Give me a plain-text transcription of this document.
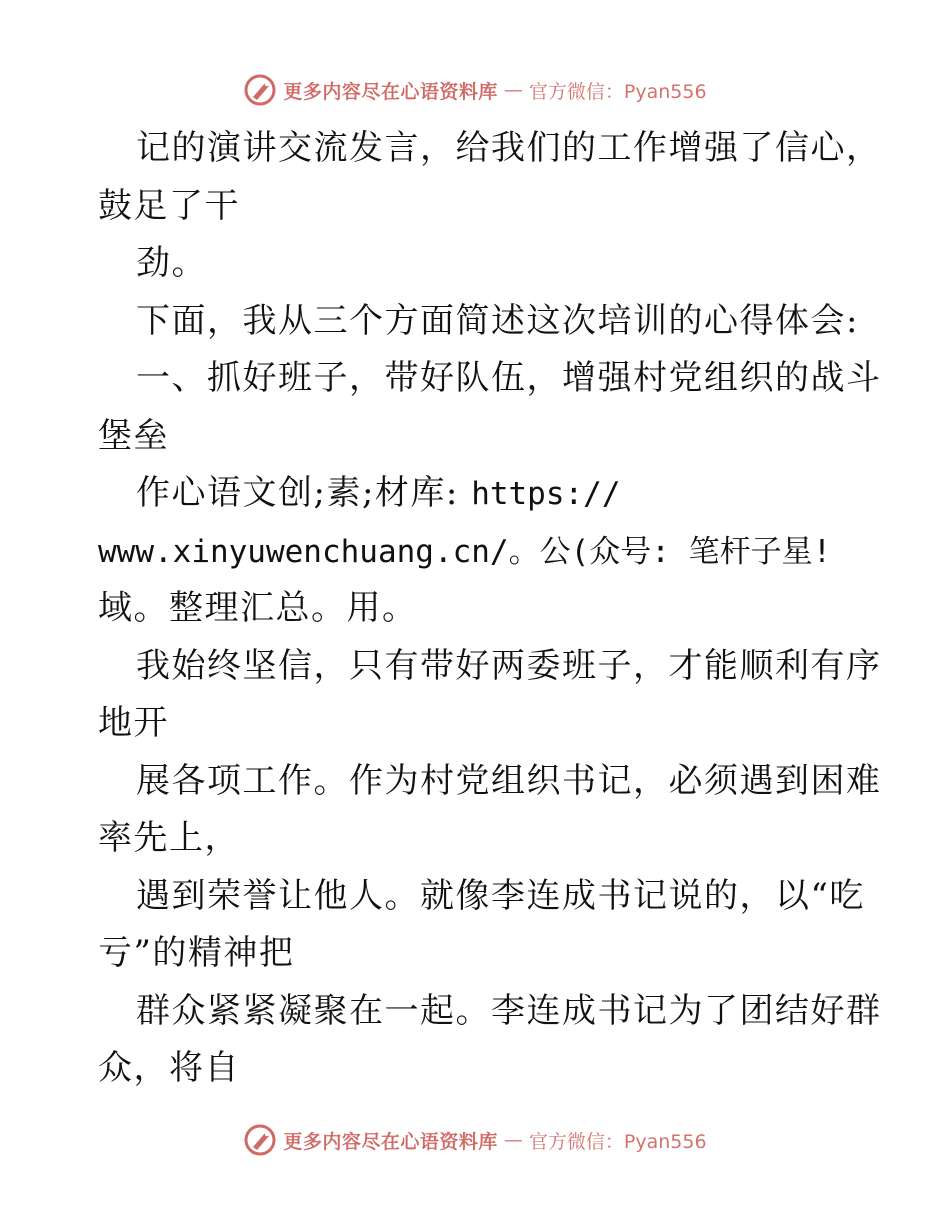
更多内容尽在心语资料库 — 官方微信：Pyan556
记的演讲交流发言，给我们的工作增强了信心，
鼓足了干
劲。
下面，我从三个方面简述这次培训的心得体会:
一、抓好班子，带好队伍，增强村党组织的战斗
堡垒
作心语文创;素;材库: https://
www.xinyuwenchuang.cn/。公(众号: 笔杆子星!
域。整理汇总。用。
我始终坚信，只有带好两委班子，才能顺利有序
地开
展各项工作。作为村党组织书记，必须遇到困难
率先上，
遇到荣誉让他人。就像李连成书记说的，以“吃
亏”的精神把
群众紧紧凝聚在一起。李连成书记为了团结好群
众，将自
更多内容尽在心语资料库 — 官方微信：Pyan556
